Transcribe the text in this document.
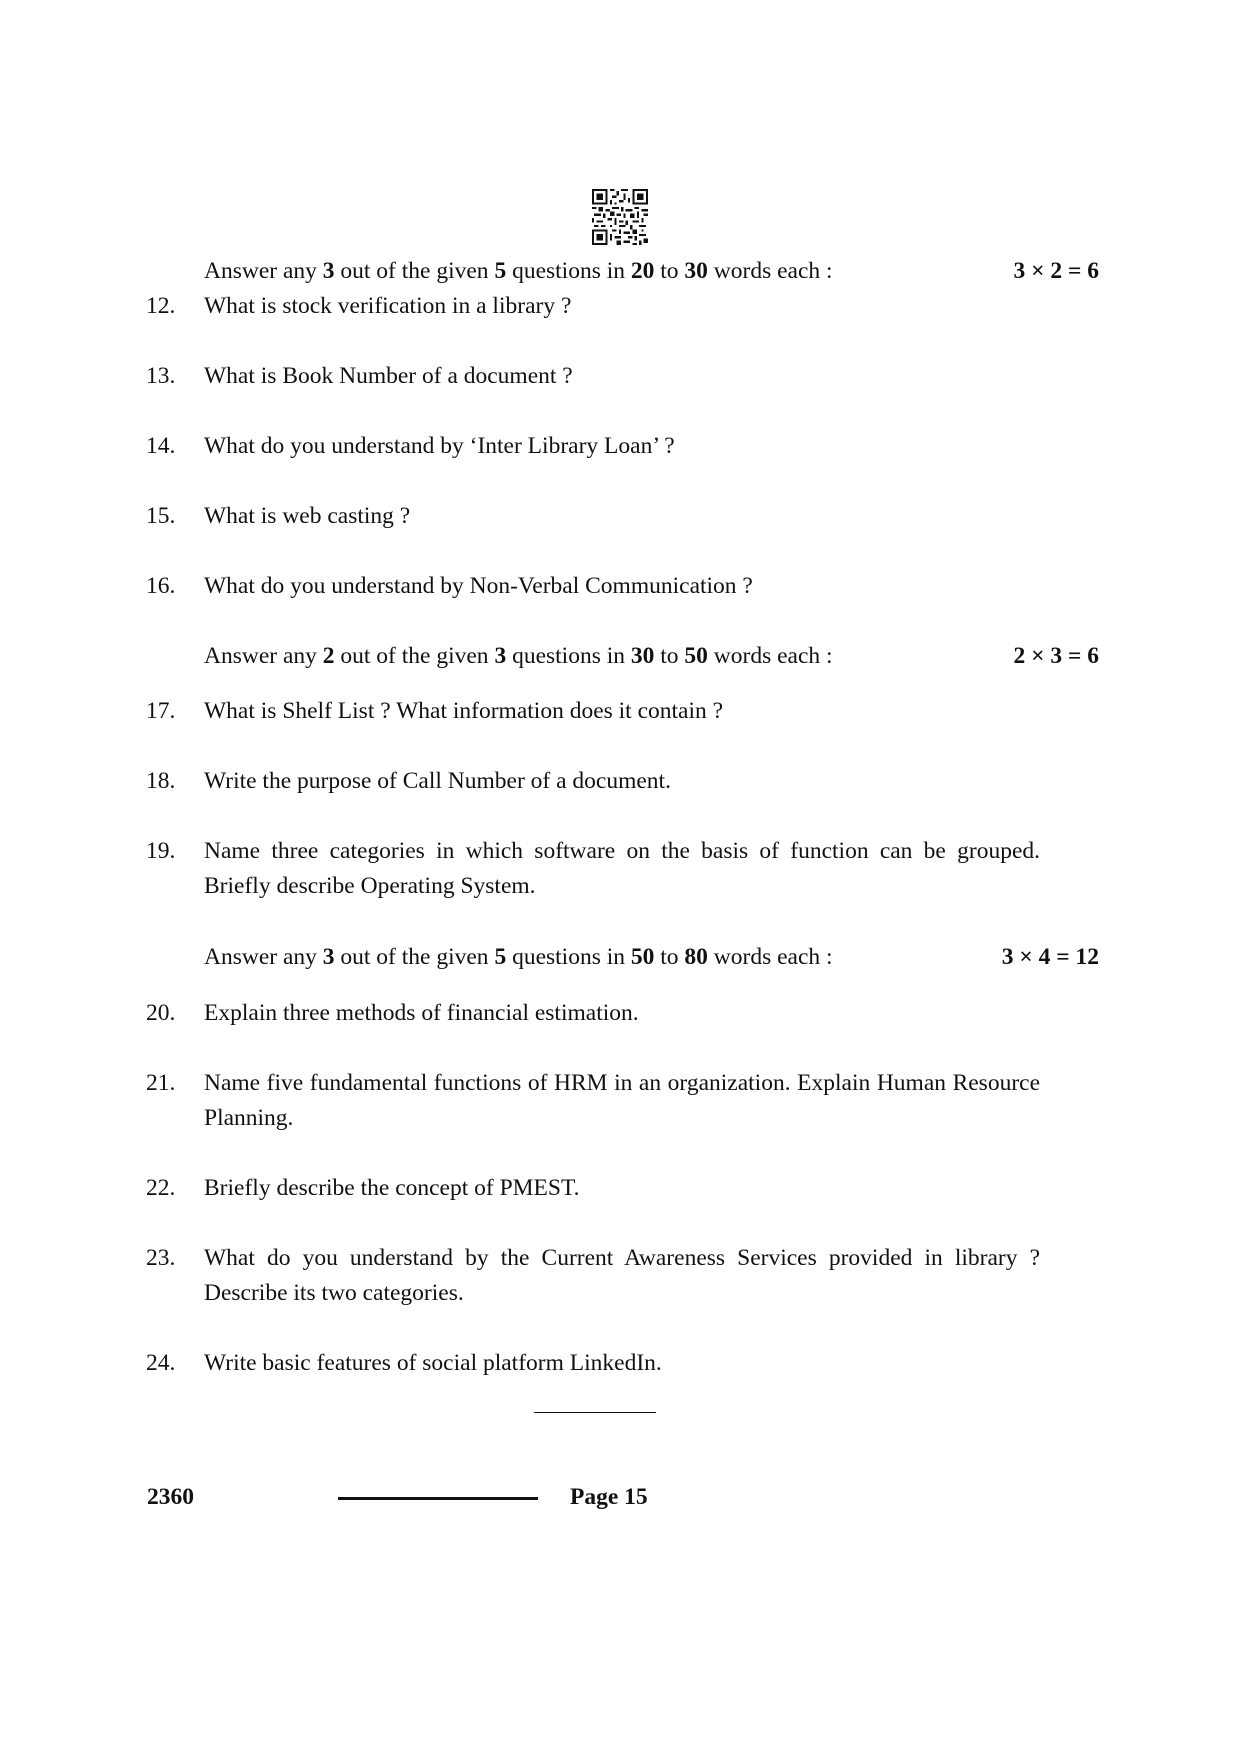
Answer any 3 out of the given 5 questions in 20 to 30 words each :	3 × 2 = 6
12. What is stock verification in a library ?
13. What is Book Number of a document ?
14. What do you understand by ‘Inter Library Loan’ ?
15. What is web casting ?
16. What do you understand by Non-Verbal Communication ?
Answer any 2 out of the given 3 questions in 30 to 50 words each :	2 × 3 = 6
17. What is Shelf List ? What information does it contain ?
18. Write the purpose of Call Number of a document.
19. Name three categories in which software on the basis of function can be grouped. Briefly describe Operating System.
Answer any 3 out of the given 5 questions in 50 to 80 words each :	3 × 4 = 12
20. Explain three methods of financial estimation.
21. Name five fundamental functions of HRM in an organization. Explain Human Resource Planning.
22. Briefly describe the concept of PMEST.
23. What do you understand by the Current Awareness Services provided in library ? Describe its two categories.
24. Write basic features of social platform LinkedIn.
2360	Page 15
